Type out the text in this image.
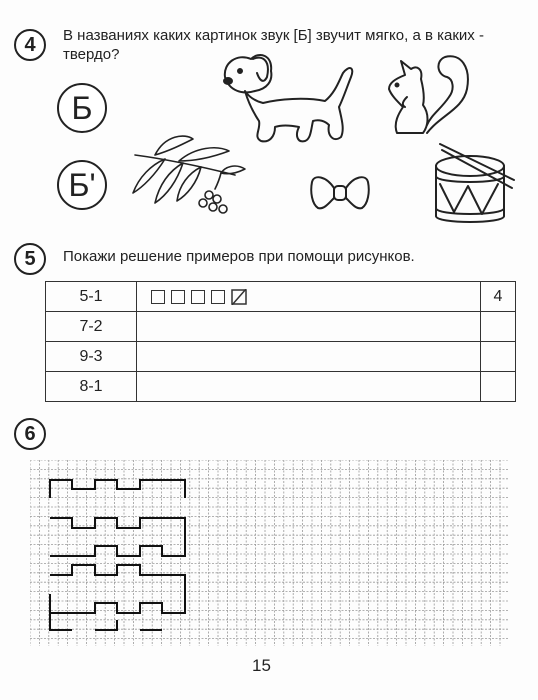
4	В названиях каких картинок звук [Б] звучит мягко, а в каких - твердо?
Б
Б'
5	Покажи решение примеров при помощи рисунков.
5-1		4
7-2		
9-3		
8-1		
6
15
